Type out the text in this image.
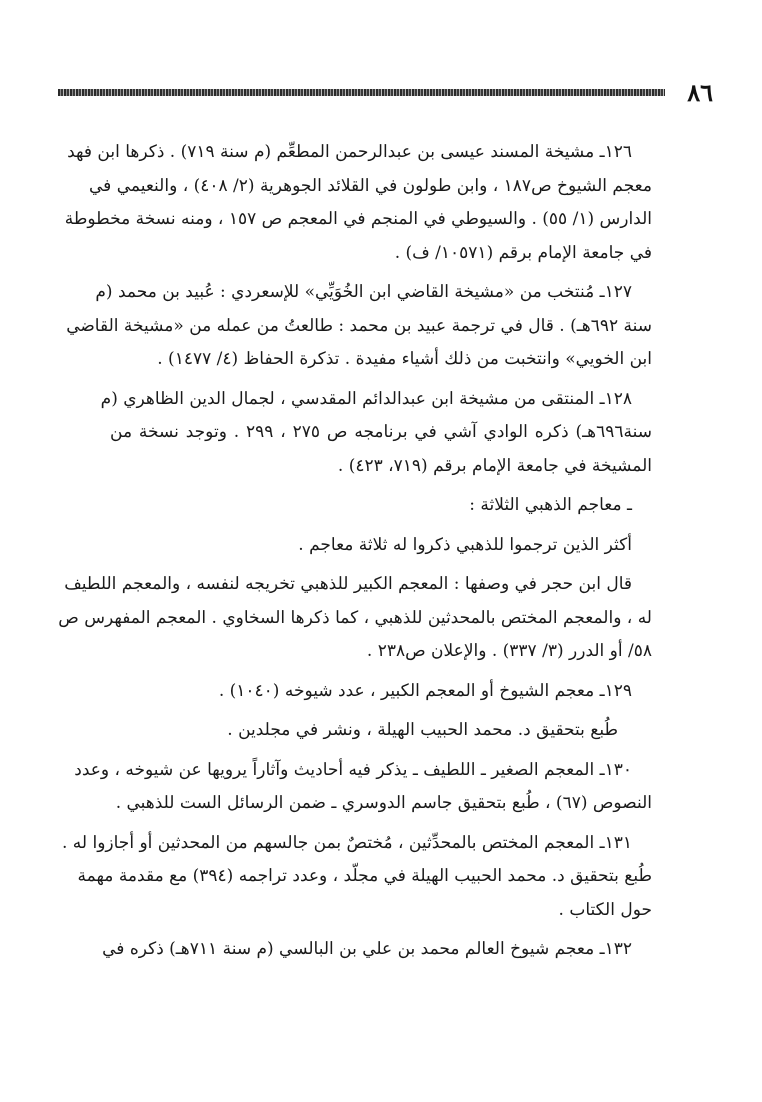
٨٦
١٢٦ـ مشيخة المسند عيسى بن عبدالرحمن المطعِّم (م سنة ٧١٩) . ذكرها ابن فهد
معجم الشيوخ ص١٨٧ ، وابن طولون في القلائد الجوهرية (٢/ ٤٠٨) ، والنعيمي في
الدارس (١/ ٥٥) . والسيوطي في المنجم في المعجم ص ١٥٧ ، ومنه نسخة مخطوطة
في جامعة الإمام برقم (١٠٥٧١/ ف) .
١٢٧ـ مُنتخب من «مشيخة القاضي ابن الخُوَيِّي» للإسعردي : عُبيد بن محمد (م
سنة ٦٩٢هـ) . قال في ترجمة عبيد بن محمد : طالعتُ من عمله من «مشيخة القاضي
ابن الخويي» وانتخبت من ذلك أشياء مفيدة . تذكرة الحفاظ (٤/ ١٤٧٧) .
١٢٨ـ المنتقى من مشيخة ابن عبدالدائم المقدسي ، لجمال الدين الظاهري (م
سنة٦٩٦هـ) ذكره الوادي آشي في برنامجه ص ٢٧٥ ، ٢٩٩ . وتوجد نسخة من
المشيخة في جامعة الإمام برقم (٧١٩، ٤٢٣) .
ـ معاجم الذهبي الثلاثة :
أكثر الذين ترجموا للذهبي ذكروا له ثلاثة معاجم .
قال ابن حجر في وصفها : المعجم الكبير للذهبي تخريجه لنفسه ، والمعجم اللطيف
له ، والمعجم المختص بالمحدثين للذهبي ، كما ذكرها السخاوي . المعجم المفهرس ص
٥٨/ أو الدرر (٣/ ٣٣٧) . والإعلان ص٢٣٨ .
١٢٩ـ معجم الشيوخ أو المعجم الكبير ، عدد شيوخه (١٠٤٠) .
طُبع بتحقيق د. محمد الحبيب الهيلة ، ونشر في مجلدين .
١٣٠ـ المعجم الصغير ـ اللطيف ـ يذكر فيه أحاديث وآثاراً يرويها عن شيوخه ، وعدد
النصوص (٦٧) ، طُبع بتحقيق جاسم الدوسري ـ ضمن الرسائل الست للذهبي .
١٣١ـ المعجم المختص بالمحدِّثين ، مُختصٌ بمن جالسهم من المحدثين أو أجازوا له .
طُبع بتحقيق د. محمد الحبيب الهيلة في مجلّد ، وعدد تراجمه (٣٩٤) مع مقدمة مهمة
حول الكتاب .
١٣٢ـ معجم شيوخ العالم محمد بن علي بن البالسي (م سنة ٧١١هـ) ذكره في
